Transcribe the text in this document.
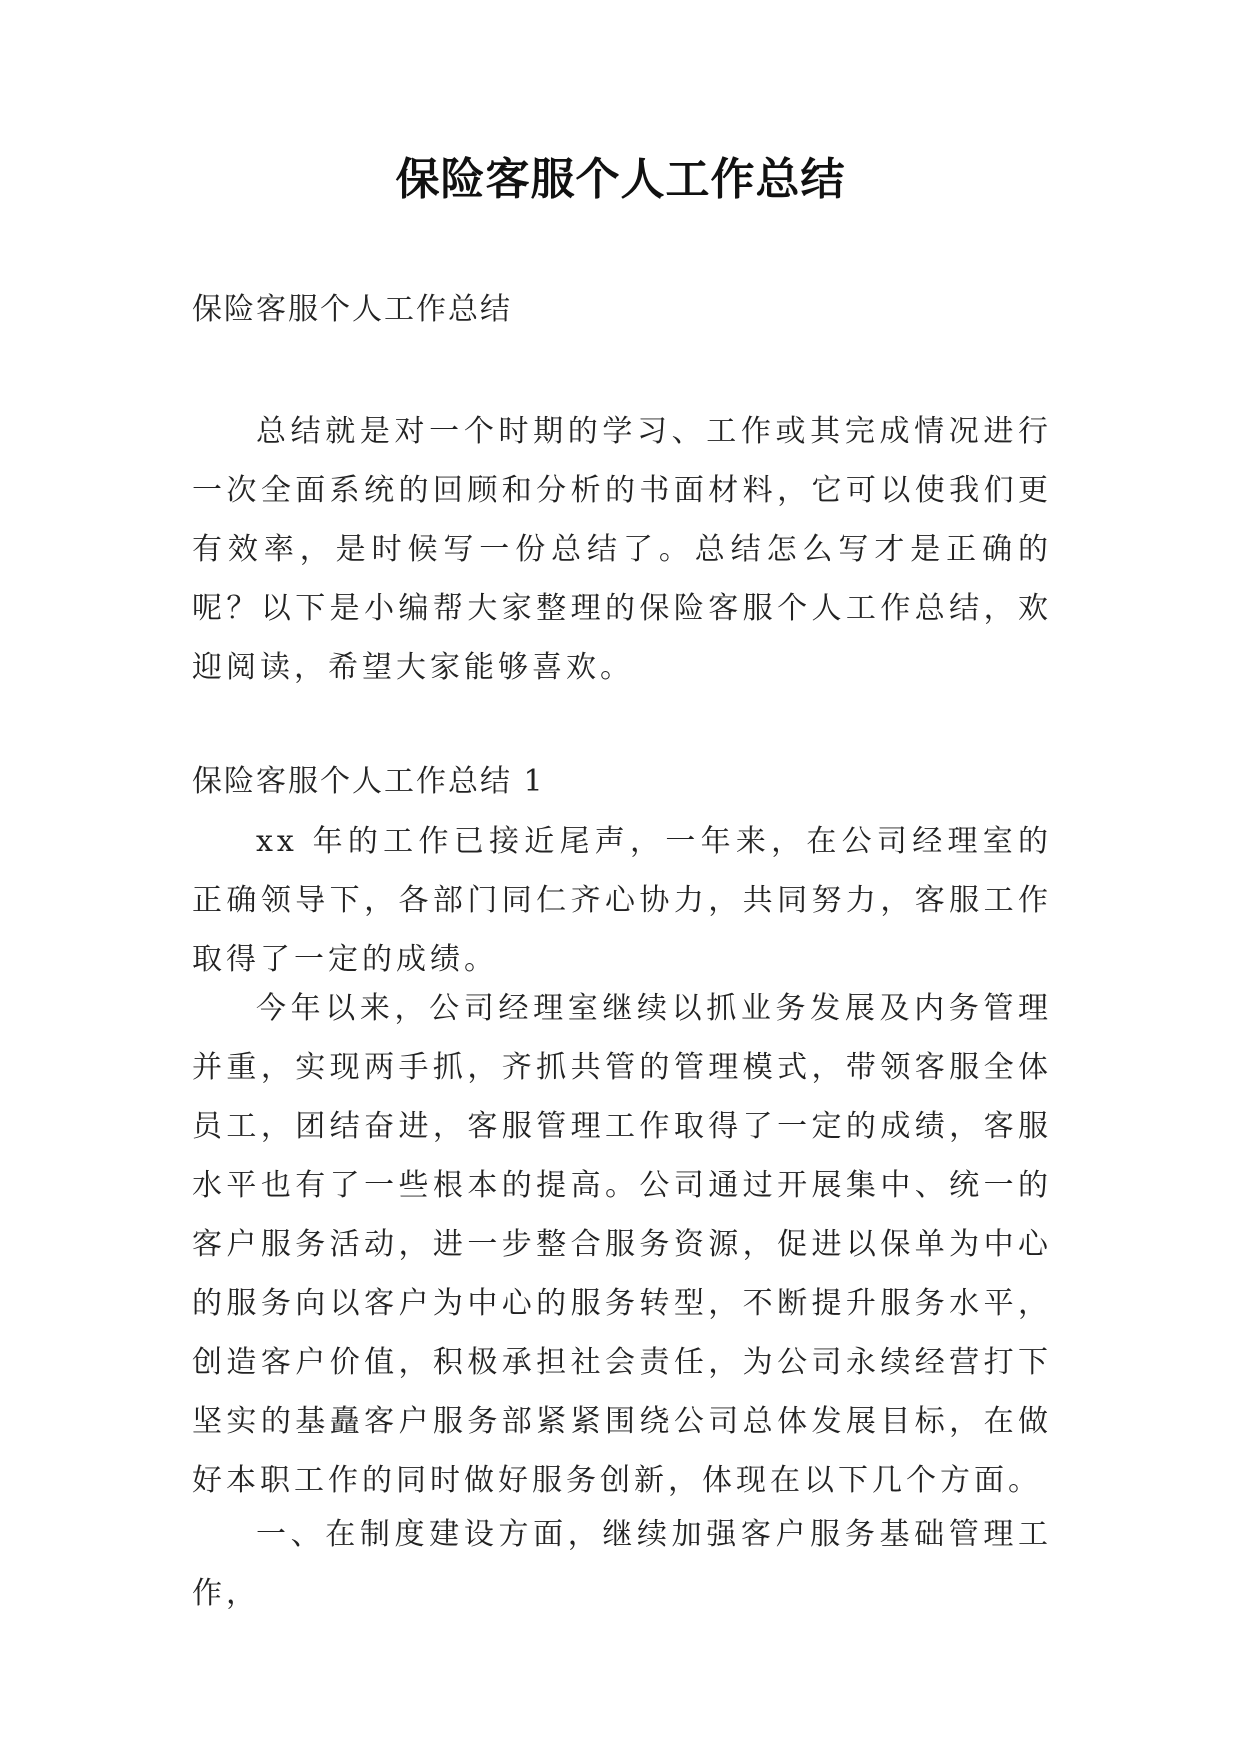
保险客服个人工作总结
保险客服个人工作总结

总结就是对一个时期的学习、工作或其完成情况进行一次全面系统的回顾和分析的书面材料，它可以使我们更有效率，是时候写一份总结了。总结怎么写才是正确的呢？以下是小编帮大家整理的保险客服个人工作总结，欢迎阅读，希望大家能够喜欢。

保险客服个人工作总结 1

xx 年的工作已接近尾声，一年来，在公司经理室的正确领导下，各部门同仁齐心协力，共同努力，客服工作取得了一定的成绩。

今年以来，公司经理室继续以抓业务发展及内务管理并重，实现两手抓，齐抓共管的管理模式，带领客服全体员工，团结奋进，客服管理工作取得了一定的成绩，客服水平也有了一些根本的提高。公司通过开展集中、统一的客户服务活动，进一步整合服务资源，促进以保单为中心的服务向以客户为中心的服务转型，不断提升服务水平，创造客户价值，积极承担社会责任，为公司永续经营打下坚实的基矗客户服务部紧紧围绕公司总体发展目标，在做好本职工作的同时做好服务创新，体现在以下几个方面。

一、在制度建设方面，继续加强客户服务基础管理工作，
